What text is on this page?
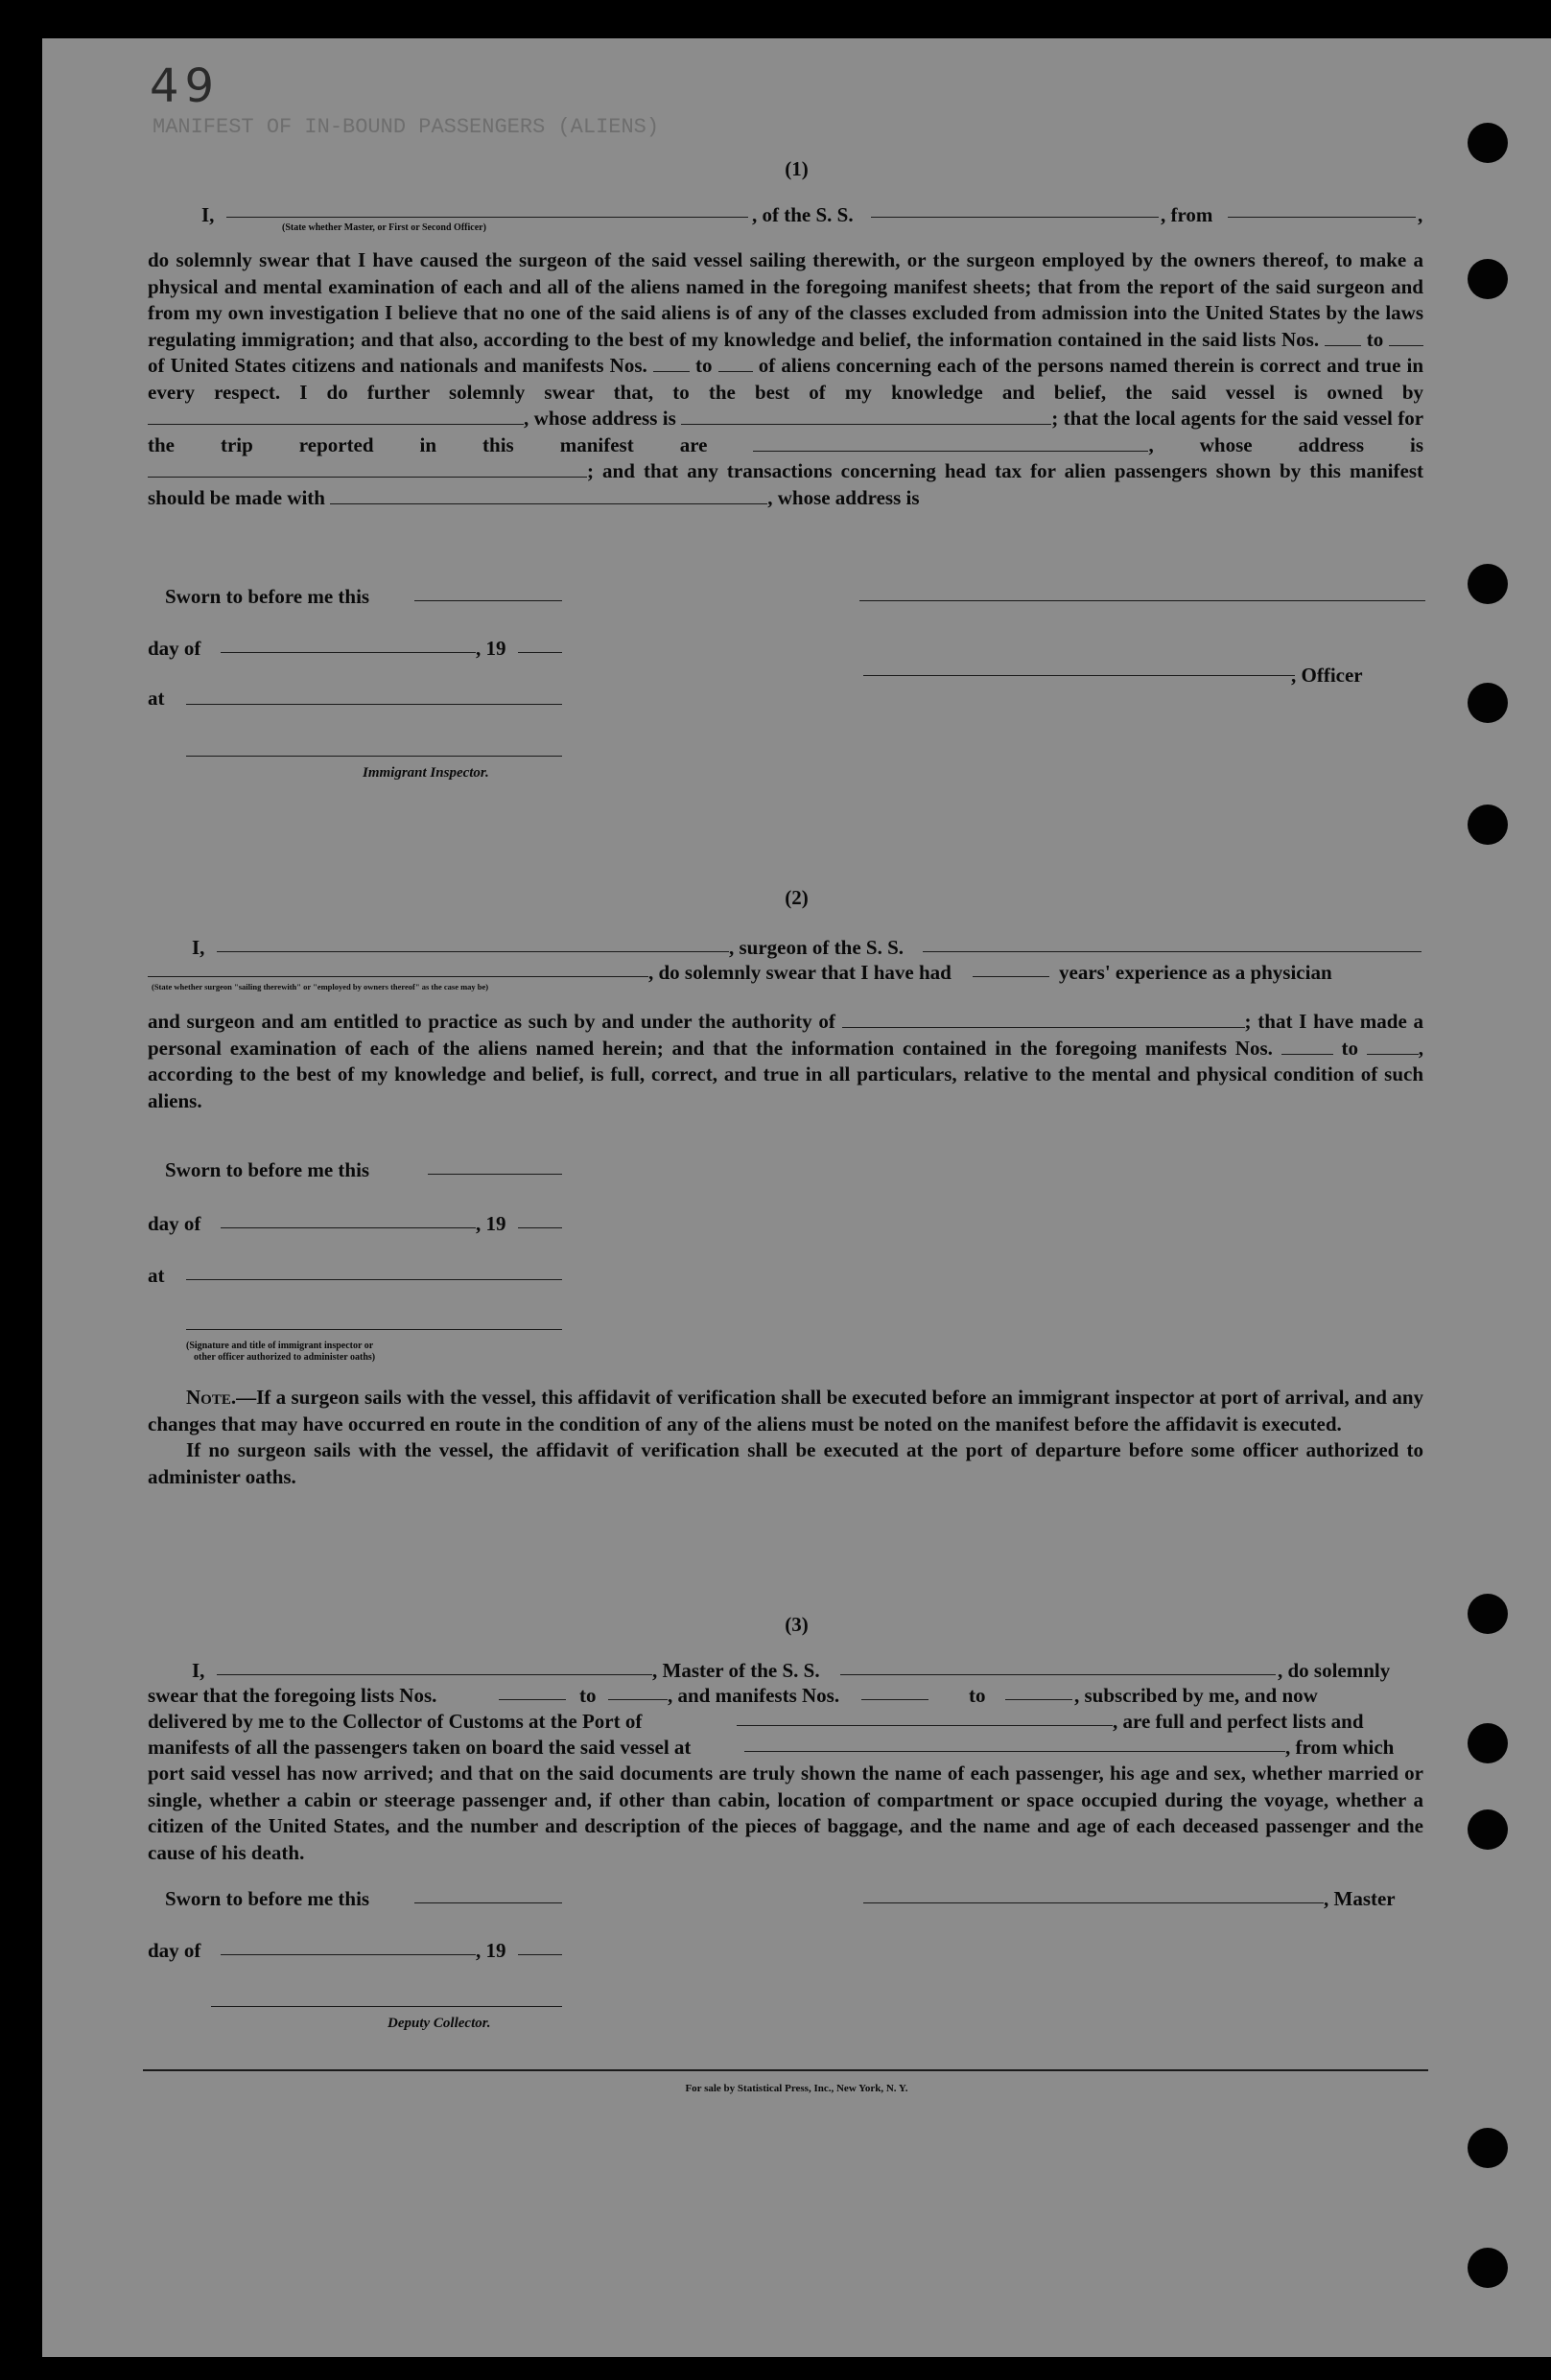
49
MANIFEST OF IN-BOUND PASSENGERS (ALIENS)
(1)
I,	, of the S. S.	, from	,
(State whether Master, or First or Second Officer)
do solemnly swear that I have caused the surgeon of the said vessel sailing therewith, or the surgeon employed by the owners thereof, to make a physical and mental examination of each and all of the aliens named in the foregoing manifest sheets; that from the report of the said surgeon and from my own investigation I believe that no one of the said aliens is of any of the classes excluded from admission into the United States by the laws regulating immigration; and that also, according to the best of my knowledge and belief, the information contained in the said lists Nos. to  of United States citizens and nationals and manifests Nos. to of aliens concerning each of the persons named therein is correct and true in every respect. I do further solemnly swear that, to the best of my knowledge and belief, the said vessel is owned by , whose address is	; that the local agents for the said vessel for the trip reported in this manifest are	, whose address is ; and that any transactions concerning head tax for alien passengers shown by this manifest should be made with	, whose address is
Sworn to before me this
day of	, 19
, Officer
at
Immigrant Inspector.
(2)
I,	, surgeon of the S. S.
, do solemnly swear that I have had	years' experience as a physician
(State whether surgeon "sailing therewith" or "employed by owners thereof" as the case may be)
and surgeon and am entitled to practice as such by and under the authority of	; that I have made a personal examination of each of the aliens named herein; and that the information contained in the foregoing manifests Nos.	to	, according to the best of my knowledge and belief, is full, correct, and true in all particulars, relative to the mental and physical condition of such aliens.
Sworn to before me this
day of	, 19
at
(Signature and title of immigrant inspector or
other officer authorized to administer oaths)
Note.—If a surgeon sails with the vessel, this affidavit of verification shall be executed before an immigrant inspector at port of arrival, and any changes that may have occurred en route in the condition of any of the aliens must be noted on the manifest before the affidavit is executed.
If no surgeon sails with the vessel, the affidavit of verification shall be executed at the port of departure before some officer authorized to administer oaths.
(3)
I,	, Master of the S. S.	, do solemnly
swear that the foregoing lists Nos.	to	, and manifests Nos.	to	, subscribed by me, and now
delivered by me to the Collector of Customs at the Port of	, are full and perfect lists and
manifests of all the passengers taken on board the said vessel at	, from which
port said vessel has now arrived; and that on the said documents are truly shown the name of each passenger, his age and sex, whether married or single, whether a cabin or steerage passenger and, if other than cabin, location of compartment or space occupied during the voyage, whether a citizen of the United States, and the number and description of the pieces of baggage, and the name and age of each deceased passenger and the cause of his death.
Sworn to before me this	, Master
day of	, 19
Deputy Collector.
For sale by Statistical Press, Inc., New York, N. Y.
